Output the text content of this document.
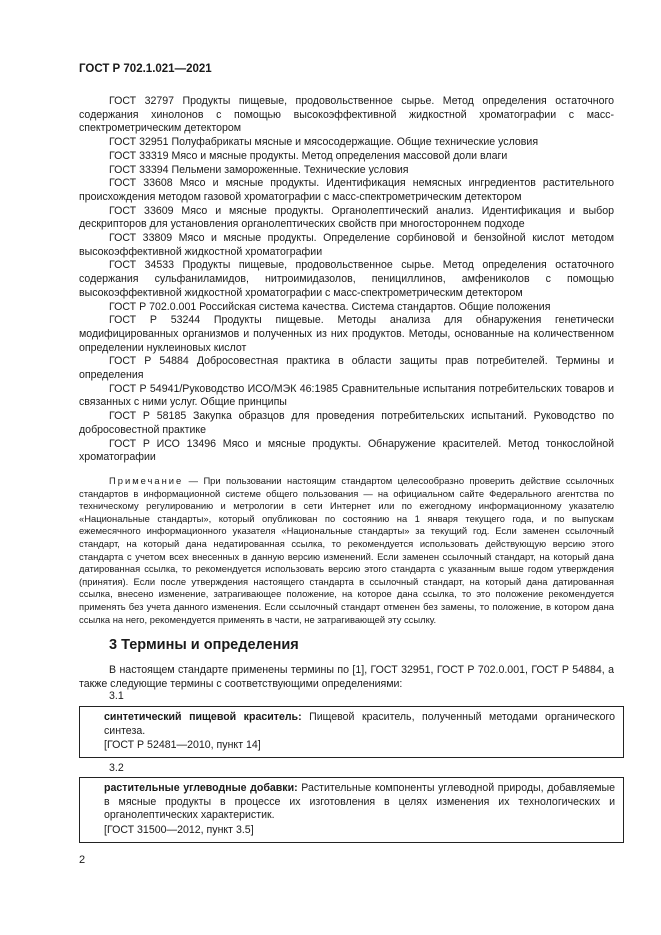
ГОСТ Р 702.1.021—2021

ГОСТ 32797 Продукты пищевые, продовольственное сырье. Метод определения остаточного содержания хинолонов с помощью высокоэффективной жидкостной хроматографии с масс-спектрометрическим детектором

ГОСТ 32951 Полуфабрикаты мясные и мясосодержащие. Общие технические условия

ГОСТ 33319 Мясо и мясные продукты. Метод определения массовой доли влаги

ГОСТ 33394 Пельмени замороженные. Технические условия

ГОСТ 33608 Мясо и мясные продукты. Идентификация немясных ингредиентов растительного происхождения методом газовой хроматографии с масс-спектрометрическим детектором

ГОСТ 33609 Мясо и мясные продукты. Органолептический анализ. Идентификация и выбор дескрипторов для установления органолептических свойств при многостороннем подходе

ГОСТ 33809 Мясо и мясные продукты. Определение сорбиновой и бензойной кислот методом высокоэффективной жидкостной хроматографии

ГОСТ 34533 Продукты пищевые, продовольственное сырье. Метод определения остаточного содержания сульфаниламидов, нитроимидазолов, пенициллинов, амфениколов с помощью высокоэффективной жидкостной хроматографии с масс-спектрометрическим детектором

ГОСТ Р 702.0.001 Российская система качества. Система стандартов. Общие положения

ГОСТ Р 53244 Продукты пищевые. Методы анализа для обнаружения генетически модифицированных организмов и полученных из них продуктов. Методы, основанные на количественном определении нуклеиновых кислот

ГОСТ Р 54884 Добросовестная практика в области защиты прав потребителей. Термины и определения

ГОСТ Р 54941/Руководство ИСО/МЭК 46:1985 Сравнительные испытания потребительских товаров и связанных с ними услуг. Общие принципы

ГОСТ Р 58185 Закупка образцов для проведения потребительских испытаний. Руководство по добросовестной практике

ГОСТ Р ИСО 13496 Мясо и мясные продукты. Обнаружение красителей. Метод тонкослойной хроматографии

Примечание — При пользовании настоящим стандартом целесообразно проверить действие ссылочных стандартов в информационной системе общего пользования — на официальном сайте Федерального агентства по техническому регулированию и метрологии в сети Интернет или по ежегодному информационному указателю «Национальные стандарты», который опубликован по состоянию на 1 января текущего года, и по выпускам ежемесячного информационного указателя «Национальные стандарты» за текущий год. Если заменен ссылочный стандарт, на который дана недатированная ссылка, то рекомендуется использовать действующую версию этого стандарта с учетом всех внесенных в данную версию изменений. Если заменен ссылочный стандарт, на который дана датированная ссылка, то рекомендуется использовать версию этого стандарта с указанным выше годом утверждения (принятия). Если после утверждения настоящего стандарта в ссылочный стандарт, на который дана датированная ссылка, внесено изменение, затрагивающее положение, на которое дана ссылка, то это положение рекомендуется применять без учета данного изменения. Если ссылочный стандарт отменен без замены, то положение, в котором дана ссылка на него, рекомендуется применять в части, не затрагивающей эту ссылку.

3 Термины и определения

В настоящем стандарте применены термины по [1], ГОСТ 32951, ГОСТ Р 702.0.001, ГОСТ Р 54884, а также следующие термины с соответствующими определениями:

3.1

синтетический пищевой краситель: Пищевой краситель, полученный методами органического синтеза.

[ГОСТ Р 52481—2010, пункт 14]

3.2

растительные углеводные добавки: Растительные компоненты углеводной природы, добавляемые в мясные продукты в процессе их изготовления в целях изменения их технологических и органолептических характеристик.

[ГОСТ 31500—2012, пункт 3.5]

2
